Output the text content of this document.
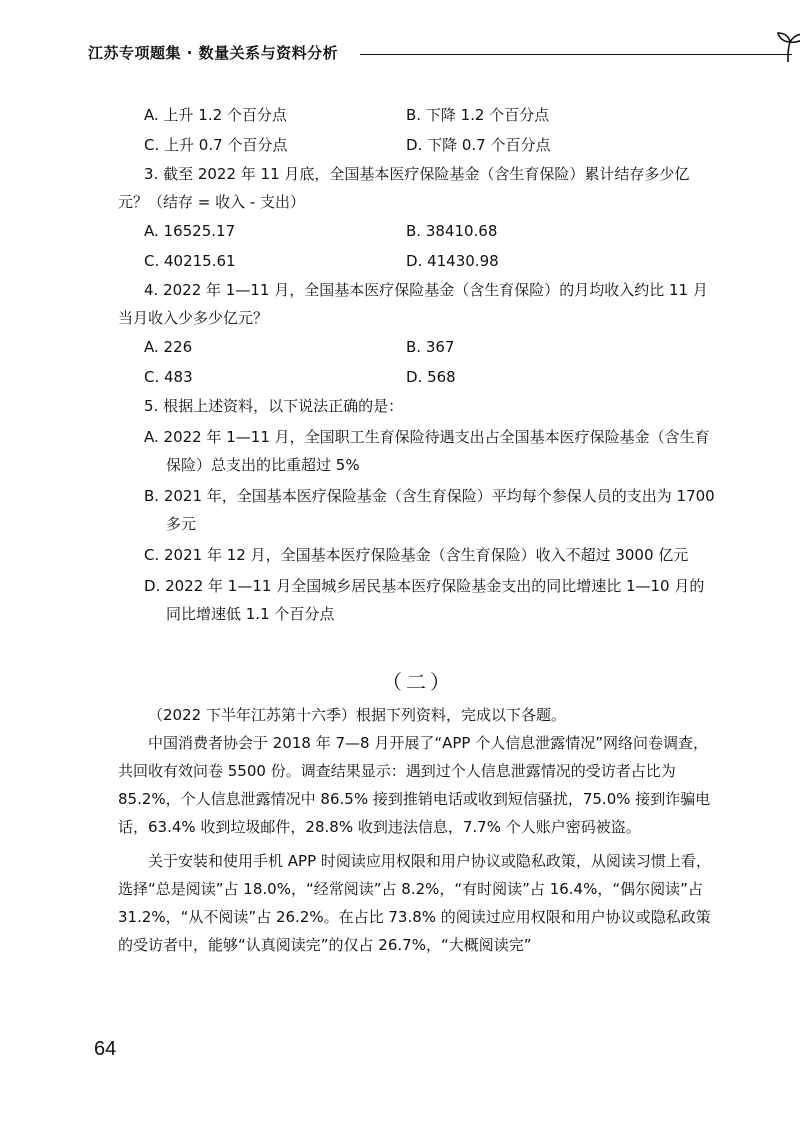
江苏专项题集 · 数量关系与资料分析
A. 上升 1.2 个百分点	B. 下降 1.2 个百分点
C. 上升 0.7 个百分点	D. 下降 0.7 个百分点

3. 截至 2022 年 11 月底，全国基本医疗保险基金（含生育保险）累计结存多少亿元？（结存 = 收入 - 支出）

A. 16525.17	B. 38410.68
C. 40215.61	D. 41430.98

4. 2022 年 1—11 月，全国基本医疗保险基金（含生育保险）的月均收入约比 11 月当月收入少多少亿元？

A. 226	B. 367
C. 483	D. 568

5. 根据上述资料，以下说法正确的是：

A. 2022 年 1—11 月，全国职工生育保险待遇支出占全国基本医疗保险基金（含生育保险）总支出的比重超过 5%

B. 2021 年，全国基本医疗保险基金（含生育保险）平均每个参保人员的支出为 1700 多元

C. 2021 年 12 月，全国基本医疗保险基金（含生育保险）收入不超过 3000 亿元

D. 2022 年 1—11 月全国城乡居民基本医疗保险基金支出的同比增速比 1—10 月的同比增速低 1.1 个百分点

（二）

（2022 下半年江苏第十六季）根据下列资料，完成以下各题。

中国消费者协会于 2018 年 7—8 月开展了“APP 个人信息泄露情况”网络问卷调查，共回收有效问卷 5500 份。调查结果显示：遇到过个人信息泄露情况的受访者占比为 85.2%，个人信息泄露情况中 86.5% 接到推销电话或收到短信骚扰，75.0% 接到诈骗电话，63.4% 收到垃圾邮件，28.8% 收到违法信息，7.7% 个人账户密码被盗。

关于安装和使用手机 APP 时阅读应用权限和用户协议或隐私政策，从阅读习惯上看，选择“总是阅读”占 18.0%，“经常阅读”占 8.2%，“有时阅读”占 16.4%，“偶尔阅读”占 31.2%，“从不阅读”占 26.2%。在占比 73.8% 的阅读过应用权限和用户协议或隐私政策的受访者中，能够“认真阅读完”的仅占 26.7%，“大概阅读完”

64
